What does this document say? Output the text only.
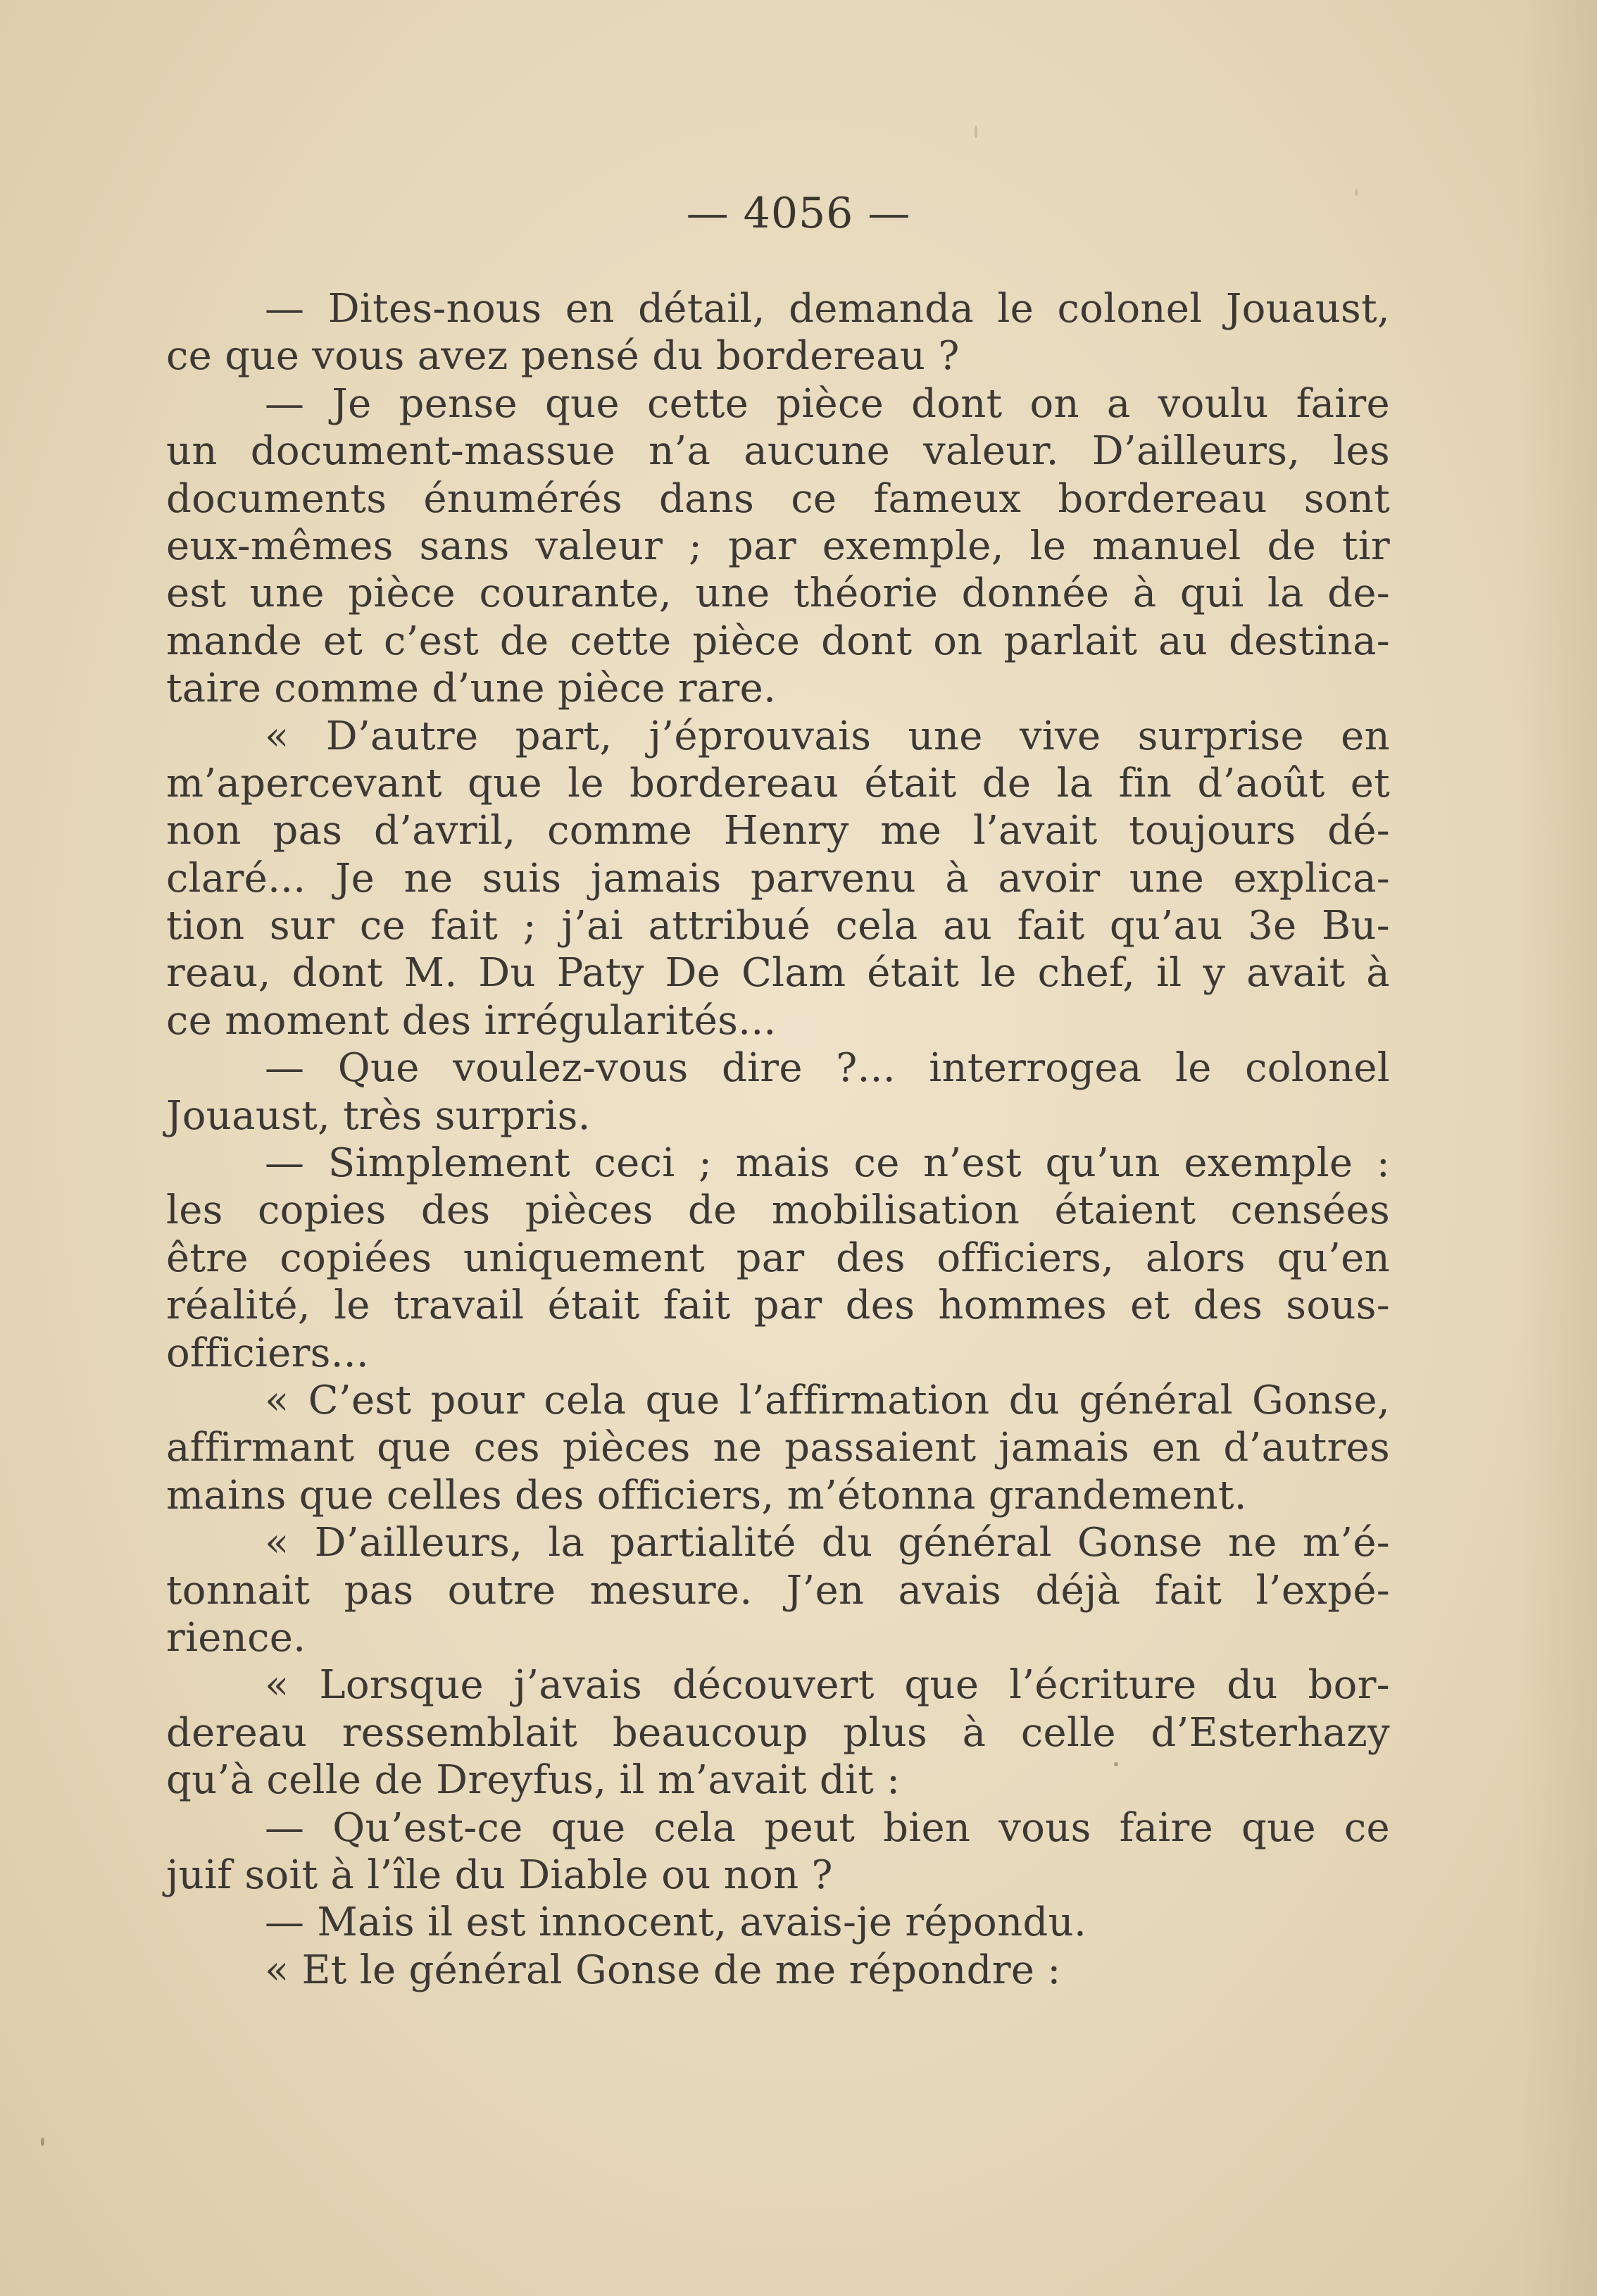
— 4056 —
— Dites-nous en détail, demanda le colonel Jouaust,
ce que vous avez pensé du bordereau ?
— Je pense que cette pièce dont on a voulu faire
un document-massue n’a aucune valeur. D’ailleurs, les
documents énumérés dans ce fameux bordereau sont
eux-mêmes sans valeur ; par exemple, le manuel de tir
est une pièce courante, une théorie donnée à qui la de-
mande et c’est de cette pièce dont on parlait au destina-
taire comme d’une pièce rare.
« D’autre part, j’éprouvais une vive surprise en
m’apercevant que le bordereau était de la fin d’août et
non pas d’avril, comme Henry me l’avait toujours dé-
claré... Je ne suis jamais parvenu à avoir une explica-
tion sur ce fait ; j’ai attribué cela au fait qu’au 3e Bu-
reau, dont M. Du Paty De Clam était le chef, il y avait à
ce moment des irrégularités...
— Que voulez-vous dire ?... interrogea le colonel
Jouaust, très surpris.
— Simplement ceci ; mais ce n’est qu’un exemple :
les copies des pièces de mobilisation étaient censées
être copiées uniquement par des officiers, alors qu’en
réalité, le travail était fait par des hommes et des sous-
officiers...
« C’est pour cela que l’affirmation du général Gonse,
affirmant que ces pièces ne passaient jamais en d’autres
mains que celles des officiers, m’étonna grandement.
« D’ailleurs, la partialité du général Gonse ne m’é-
tonnait pas outre mesure. J’en avais déjà fait l’expé-
rience.
« Lorsque j’avais découvert que l’écriture du bor-
dereau ressemblait beaucoup plus à celle d’Esterhazy
qu’à celle de Dreyfus, il m’avait dit :
— Qu’est-ce que cela peut bien vous faire que ce
juif soit à l’île du Diable ou non ?
— Mais il est innocent, avais-je répondu.
« Et le général Gonse de me répondre :
